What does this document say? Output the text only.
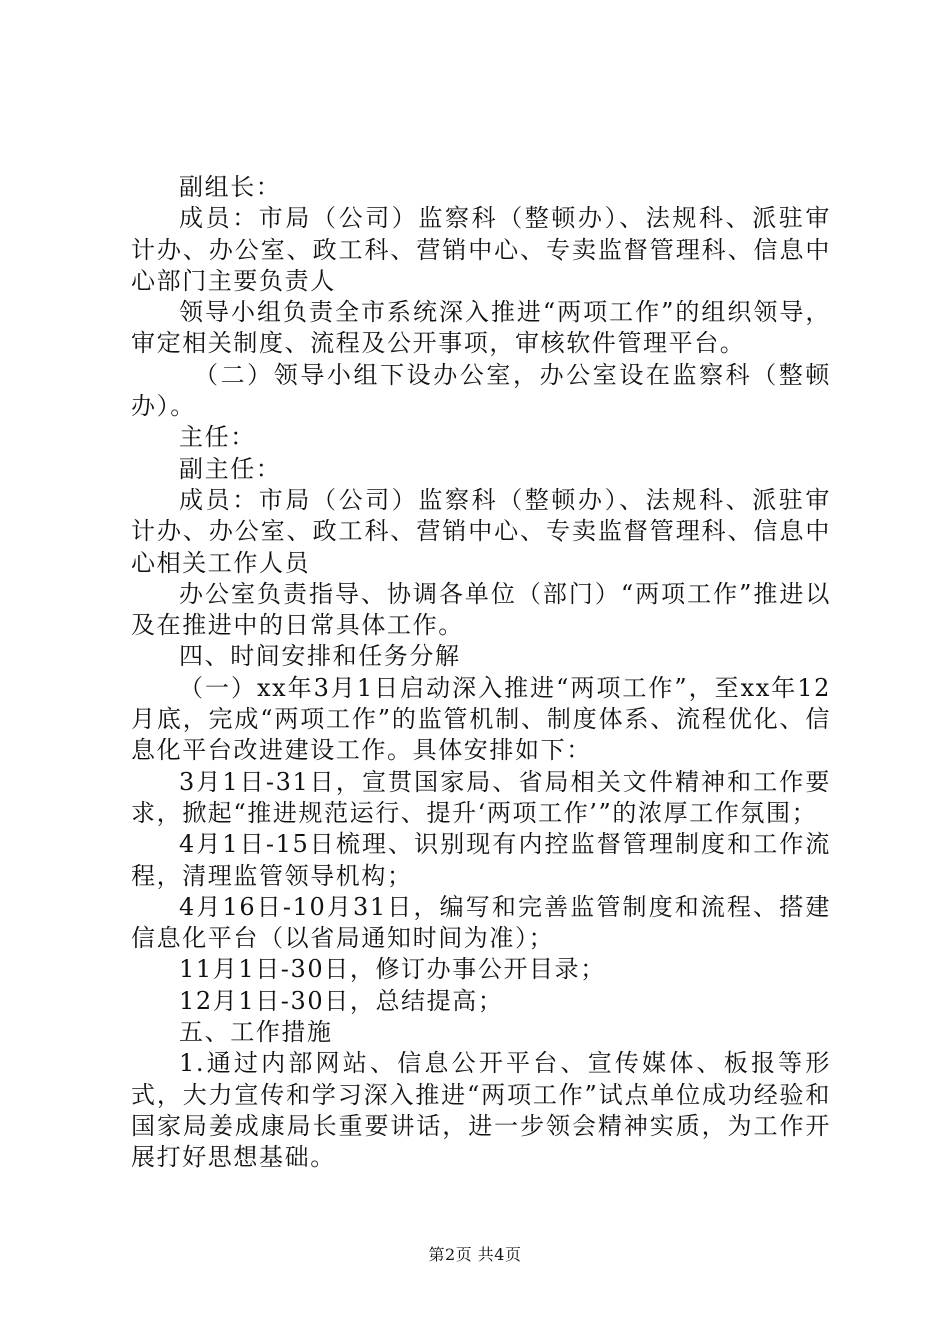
副组长：

成员：市局（公司）监察科（整顿办）、法规科、派驻审计办、办公室、政工科、营销中心、专卖监督管理科、信息中心部门主要负责人

领导小组负责全市系统深入推进“两项工作”的组织领导，审定相关制度、流程及公开事项，审核软件管理平台。

（二）领导小组下设办公室，办公室设在监察科（整顿办）。

主任：

副主任：

成员：市局（公司）监察科（整顿办）、法规科、派驻审计办、办公室、政工科、营销中心、专卖监督管理科、信息中心相关工作人员

办公室负责指导、协调各单位（部门）“两项工作”推进以及在推进中的日常具体工作。

四、时间安排和任务分解

（一）xx年3月1日启动深入推进“两项工作”，至xx年12月底，完成“两项工作”的监管机制、制度体系、流程优化、信息化平台改进建设工作。具体安排如下：

3月1日-31日，宣贯国家局、省局相关文件精神和工作要求，掀起“推进规范运行、提升‘两项工作’”的浓厚工作氛围；

4月1日-15日梳理、识别现有内控监督管理制度和工作流程，清理监管领导机构；

4月16日-10月31日，编写和完善监管制度和流程、搭建信息化平台（以省局通知时间为准）；

11月1日-30日，修订办事公开目录；

12月1日-30日，总结提高；

五、工作措施

1.通过内部网站、信息公开平台、宣传媒体、板报等形式，大力宣传和学习深入推进“两项工作”试点单位成功经验和国家局姜成康局长重要讲话，进一步领会精神实质，为工作开展打好思想基础。

第2页 共4页
